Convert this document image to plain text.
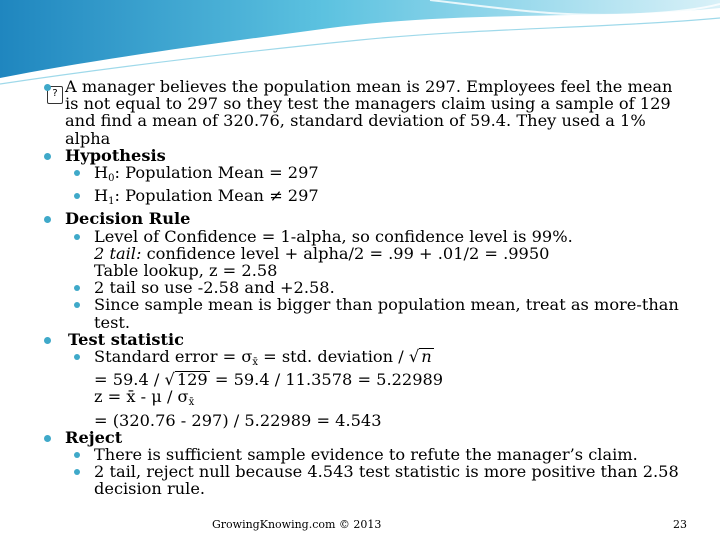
? A manager believes the population mean is 297. Employees feel the mean is not equal to 297 so they test the managers claim using a sample of 129 and find a mean of 320.76, standard deviation of 59.4. They used a 1% alpha

Hypothesis

$H_0$: Population Mean = 297

$H_1$: Population Mean ≠ 297

Decision Rule

Level of Confidence = 1-alpha, so confidence level is 99%.
2 tail: confidence level + alpha/2 = .99 + .01/2 = .9950
Table lookup, z = 2.58

2 tail so use -2.58 and +2.58.

Since sample mean is bigger than population mean, treat as more-than test.

Test statistic

Standard error = $\sigma_{x̄}$ = std. deviation / √ n
= 59.4 / √ 129 = 59.4 / 11.3578 = 5.22989
z = x̄ - μ / $\sigma_{x̄}$
= (320.76 - 297) / 5.22989 = 4.543

Reject

There is sufficient sample evidence to refute the manager’s claim.

2 tail, reject null because 4.543 test statistic is more positive than 2.58 decision rule.

GrowingKnowing.com © 2013	23
